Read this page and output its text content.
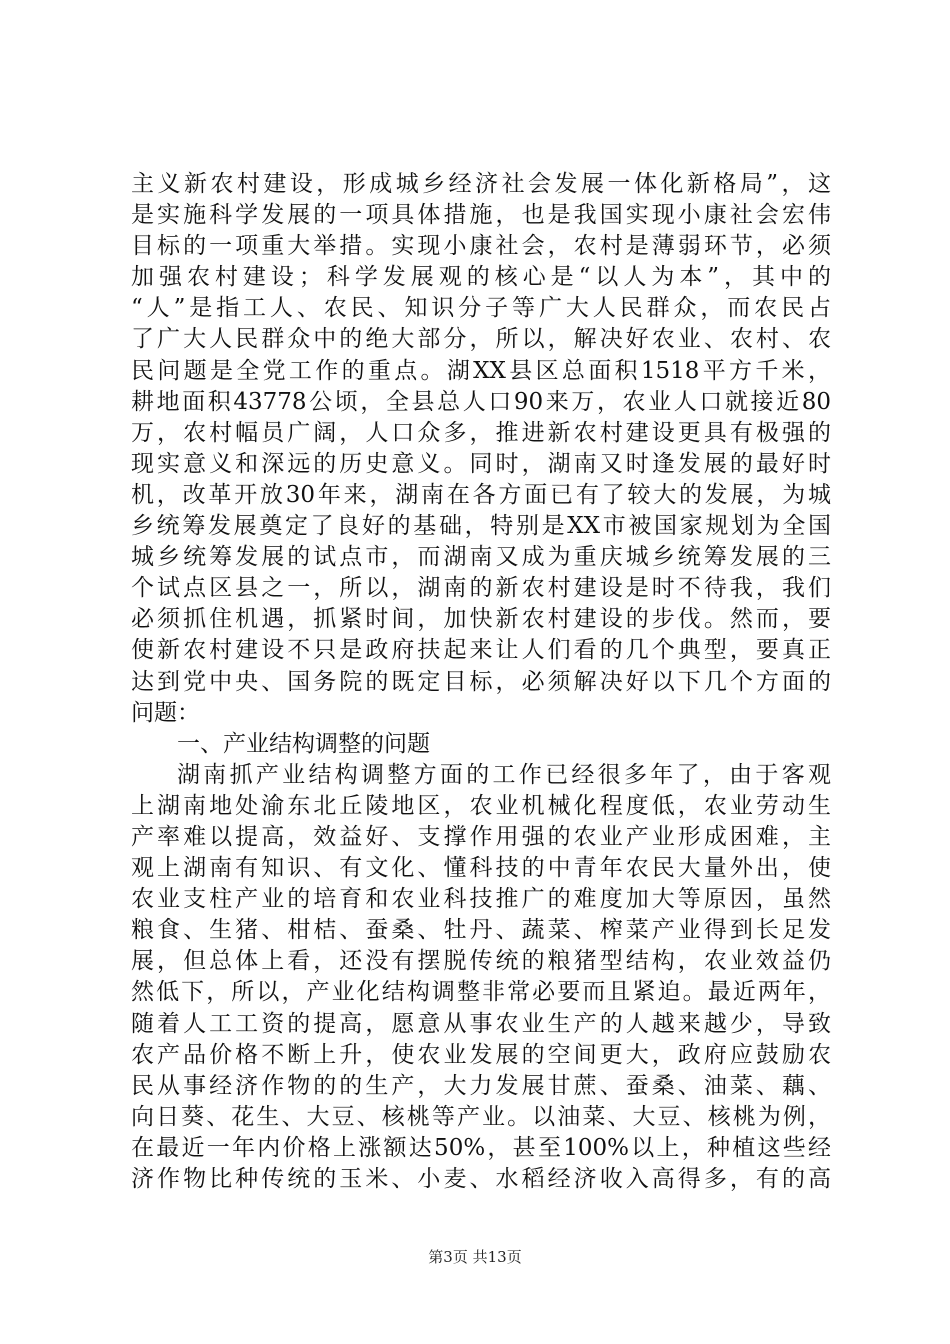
主义新农村建设，形成城乡经济社会发展一体化新格局”，这
是实施科学发展的一项具体措施，也是我国实现小康社会宏伟
目标的一项重大举措。实现小康社会，农村是薄弱环节，必须
加强农村建设；科学发展观的核心是“以人为本”，其中的
“人”是指工人、农民、知识分子等广大人民群众，而农民占
了广大人民群众中的绝大部分，所以，解决好农业、农村、农
民问题是全党工作的重点。湖XX县区总面积1518平方千米，
耕地面积43778公顷，全县总人口90来万，农业人口就接近80
万，农村幅员广阔，人口众多，推进新农村建设更具有极强的
现实意义和深远的历史意义。同时，湖南又时逢发展的最好时
机，改革开放30年来，湖南在各方面已有了较大的发展，为城
乡统筹发展奠定了良好的基础，特别是XX市被国家规划为全国
城乡统筹发展的试点市，而湖南又成为重庆城乡统筹发展的三
个试点区县之一，所以，湖南的新农村建设是时不待我，我们
必须抓住机遇，抓紧时间，加快新农村建设的步伐。然而，要
使新农村建设不只是政府扶起来让人们看的几个典型，要真正
达到党中央、国务院的既定目标，必须解决好以下几个方面的
问题：
一、产业结构调整的问题
湖南抓产业结构调整方面的工作已经很多年了，由于客观
上湖南地处渝东北丘陵地区，农业机械化程度低，农业劳动生
产率难以提高，效益好、支撑作用强的农业产业形成困难，主
观上湖南有知识、有文化、懂科技的中青年农民大量外出，使
农业支柱产业的培育和农业科技推广的难度加大等原因，虽然
粮食、生猪、柑桔、蚕桑、牡丹、蔬菜、榨菜产业得到长足发
展，但总体上看，还没有摆脱传统的粮猪型结构，农业效益仍
然低下，所以，产业化结构调整非常必要而且紧迫。最近两年，
随着人工工资的提高，愿意从事农业生产的人越来越少，导致
农产品价格不断上升，使农业发展的空间更大，政府应鼓励农
民从事经济作物的的生产，大力发展甘蔗、蚕桑、油菜、藕、
向日葵、花生、大豆、核桃等产业。以油菜、大豆、核桃为例，
在最近一年内价格上涨额达50%，甚至100%以上，种植这些经
济作物比种传统的玉米、小麦、水稻经济收入高得多，有的高
第3页 共13页
